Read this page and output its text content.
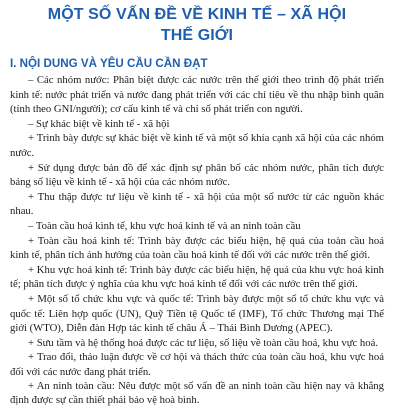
MỘT SỐ VẤN ĐỀ VỀ KINH TẾ – XÃ HỘI
THẾ GIỚI
I. NỘI DUNG VÀ YÊU CẦU CẦN ĐẠT

– Các nhóm nước: Phân biệt được các nước trên thế giới theo trình độ phát triển kinh tế: nước phát triển và nước đang phát triển với các chỉ tiêu về thu nhập bình quân (tính theo GNI/người); cơ cấu kinh tế và chỉ số phát triển con người.

– Sự khác biệt về kinh tế - xã hội

+ Trình bày được sự khác biệt về kinh tế và một số khía cạnh xã hội của các nhóm nước.

+ Sử dụng được bản đồ để xác định sự phân bố các nhóm nước, phân tích được bảng số liệu về kinh tế - xã hội của các nhóm nước.

+ Thu thập được tư liệu về kinh tế - xã hội của một số nước từ các nguồn khác nhau.

– Toàn cầu hoá kinh tế, khu vực hoá kinh tế và an ninh toàn cầu

+ Toàn cầu hoá kinh tế: Trình bày được các biểu hiện, hệ quả của toàn cầu hoá kinh tế, phân tích ảnh hưởng của toàn cầu hoá kinh tế đối với các nước trên thế giới.

+ Khu vực hoá kinh tế: Trình bày được các biểu hiện, hệ quả của khu vực hoá kinh tế; phân tích được ý nghĩa của khu vực hoá kinh tế đối với các nước trên thế giới.

+ Một số tổ chức khu vực và quốc tế: Trình bày được một số tổ chức khu vực và quốc tế: Liên hợp quốc (UN), Quỹ Tiền tệ Quốc tế (IMF), Tổ chức Thương mại Thế giới (WTO), Diễn đàn Hợp tác kinh tế châu Á – Thái Bình Dương (APEC).

+ Sưu tầm và hệ thống hoá được các tư liệu, số liệu về toàn cầu hoá, khu vực hoá.

+ Trao đổi, thảo luận được về cơ hội và thách thức của toàn cầu hoá, khu vực hoá đối với các nước đang phát triển.

+ An ninh toàn cầu: Nêu được một số vấn đề an ninh toàn cầu hiện nay và khẳng định được sự cần thiết phải bảo vệ hoà bình.
